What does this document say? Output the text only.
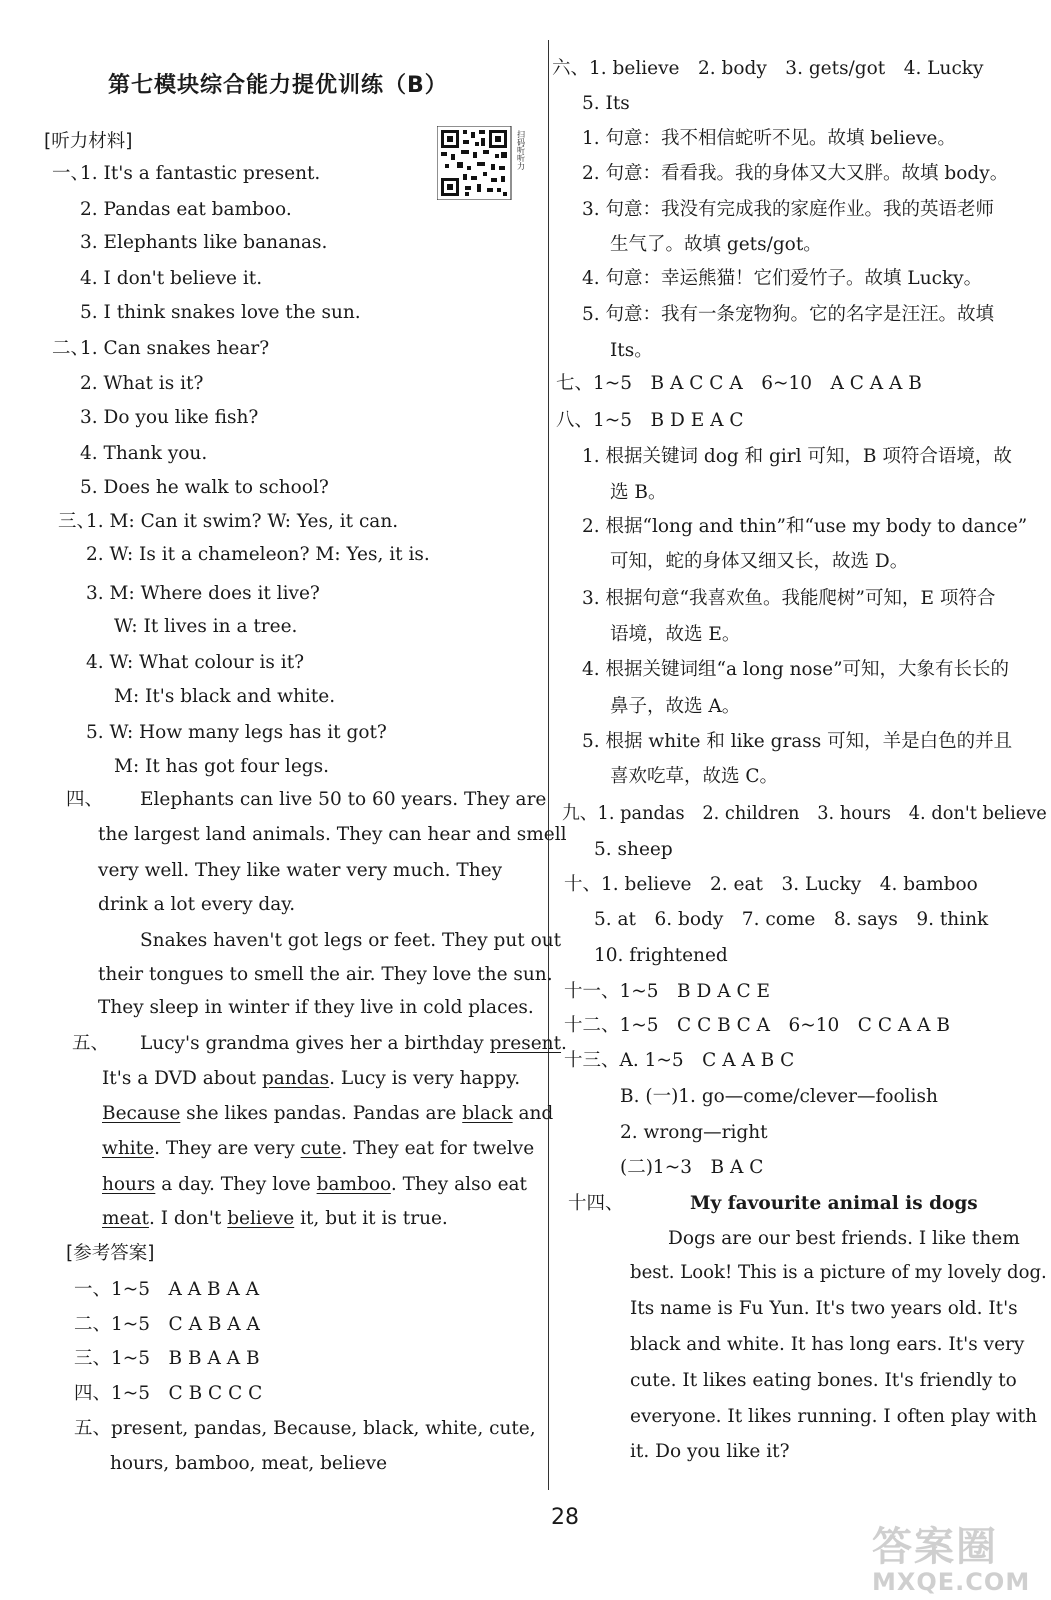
第七模块综合能力提优训练（B）
[听力材料]	扫码听听力
一、
1. It's a fantastic present.
2. Pandas eat bamboo.
3. Elephants like bananas.
4. I don't believe it.
5. I think snakes love the sun.
二、
1. Can snakes hear?
2. What is it?
3. Do you like fish?
4. Thank you.
5. Does he walk to school?
三、
1. M: Can it swim? W: Yes, it can.
2. W: Is it a chameleon? M: Yes, it is.
3. M: Where does it live?
W: It lives in a tree.
4. W: What colour is it?
M: It's black and white.
5. W: How many legs has it got?
M: It has got four legs.
四、 Elephants can live 50 to 60 years. They are
the largest land animals. They can hear and smell
very well. They like water very much. They
drink a lot every day.
Snakes haven't got legs or feet. They put out
their tongues to smell the air. They love the sun.
They sleep in winter if they live in cold places.
五、 Lucy's grandma gives her a birthday present.
It's a DVD about pandas. Lucy is very happy.
Because she likes pandas. Pandas are black and
white. They are very cute. They eat for twelve
hours a day. They love bamboo. They also eat
meat. I don't believe it, but it is true.
[参考答案]
一、1~5　A A B A A
二、1~5　C A B A A
三、1~5　B B A A B
四、1~5　C B C C C
五、present, pandas, Because, black, white, cute,
hours, bamboo, meat, believe
六、1. believe　2. body　3. gets/got　4. Lucky
5. Its
1. 句意：我不相信蛇听不见。故填 believe。
2. 句意：看看我。我的身体又大又胖。故填 body。
3. 句意：我没有完成我的家庭作业。我的英语老师
生气了。故填 gets/got。
4. 句意：幸运熊猫！它们爱竹子。故填 Lucky。
5. 句意：我有一条宠物狗。它的名字是汪汪。故填
Its。
七、1~5　B A C C A　6~10　A C A A B
八、1~5　B D E A C
1. 根据关键词 dog 和 girl 可知，B 项符合语境，故
选 B。
2. 根据“long and thin”和“use my body to dance”
可知，蛇的身体又细又长，故选 D。
3. 根据句意“我喜欢鱼。我能爬树”可知，E 项符合
语境，故选 E。
4. 根据关键词组“a long nose”可知，大象有长长的
鼻子，故选 A。
5. 根据 white 和 like grass 可知，羊是白色的并且
喜欢吃草，故选 C。
九、1. pandas　2. children　3. hours　4. don't believe
5. sheep
十、1. believe　2. eat　3. Lucky　4. bamboo
5. at　6. body　7. come　8. says　9. think
10. frightened
十一、1~5　B D A C E
十二、1~5　C C B C A　6~10　C C A A B
十三、A. 1~5　C A A B C
B. (一)1. go—come/clever—foolish
2. wrong—right
(二)1~3　B A C
十四、	My favourite animal is dogs
Dogs are our best friends. I like them
best. Look! This is a picture of my lovely dog.
Its name is Fu Yun. It's two years old. It's
black and white. It has long ears. It's very
cute. It likes eating bones. It's friendly to
everyone. It likes running. I often play with
it. Do you like it?
28
答案圈
MXQE.COM
